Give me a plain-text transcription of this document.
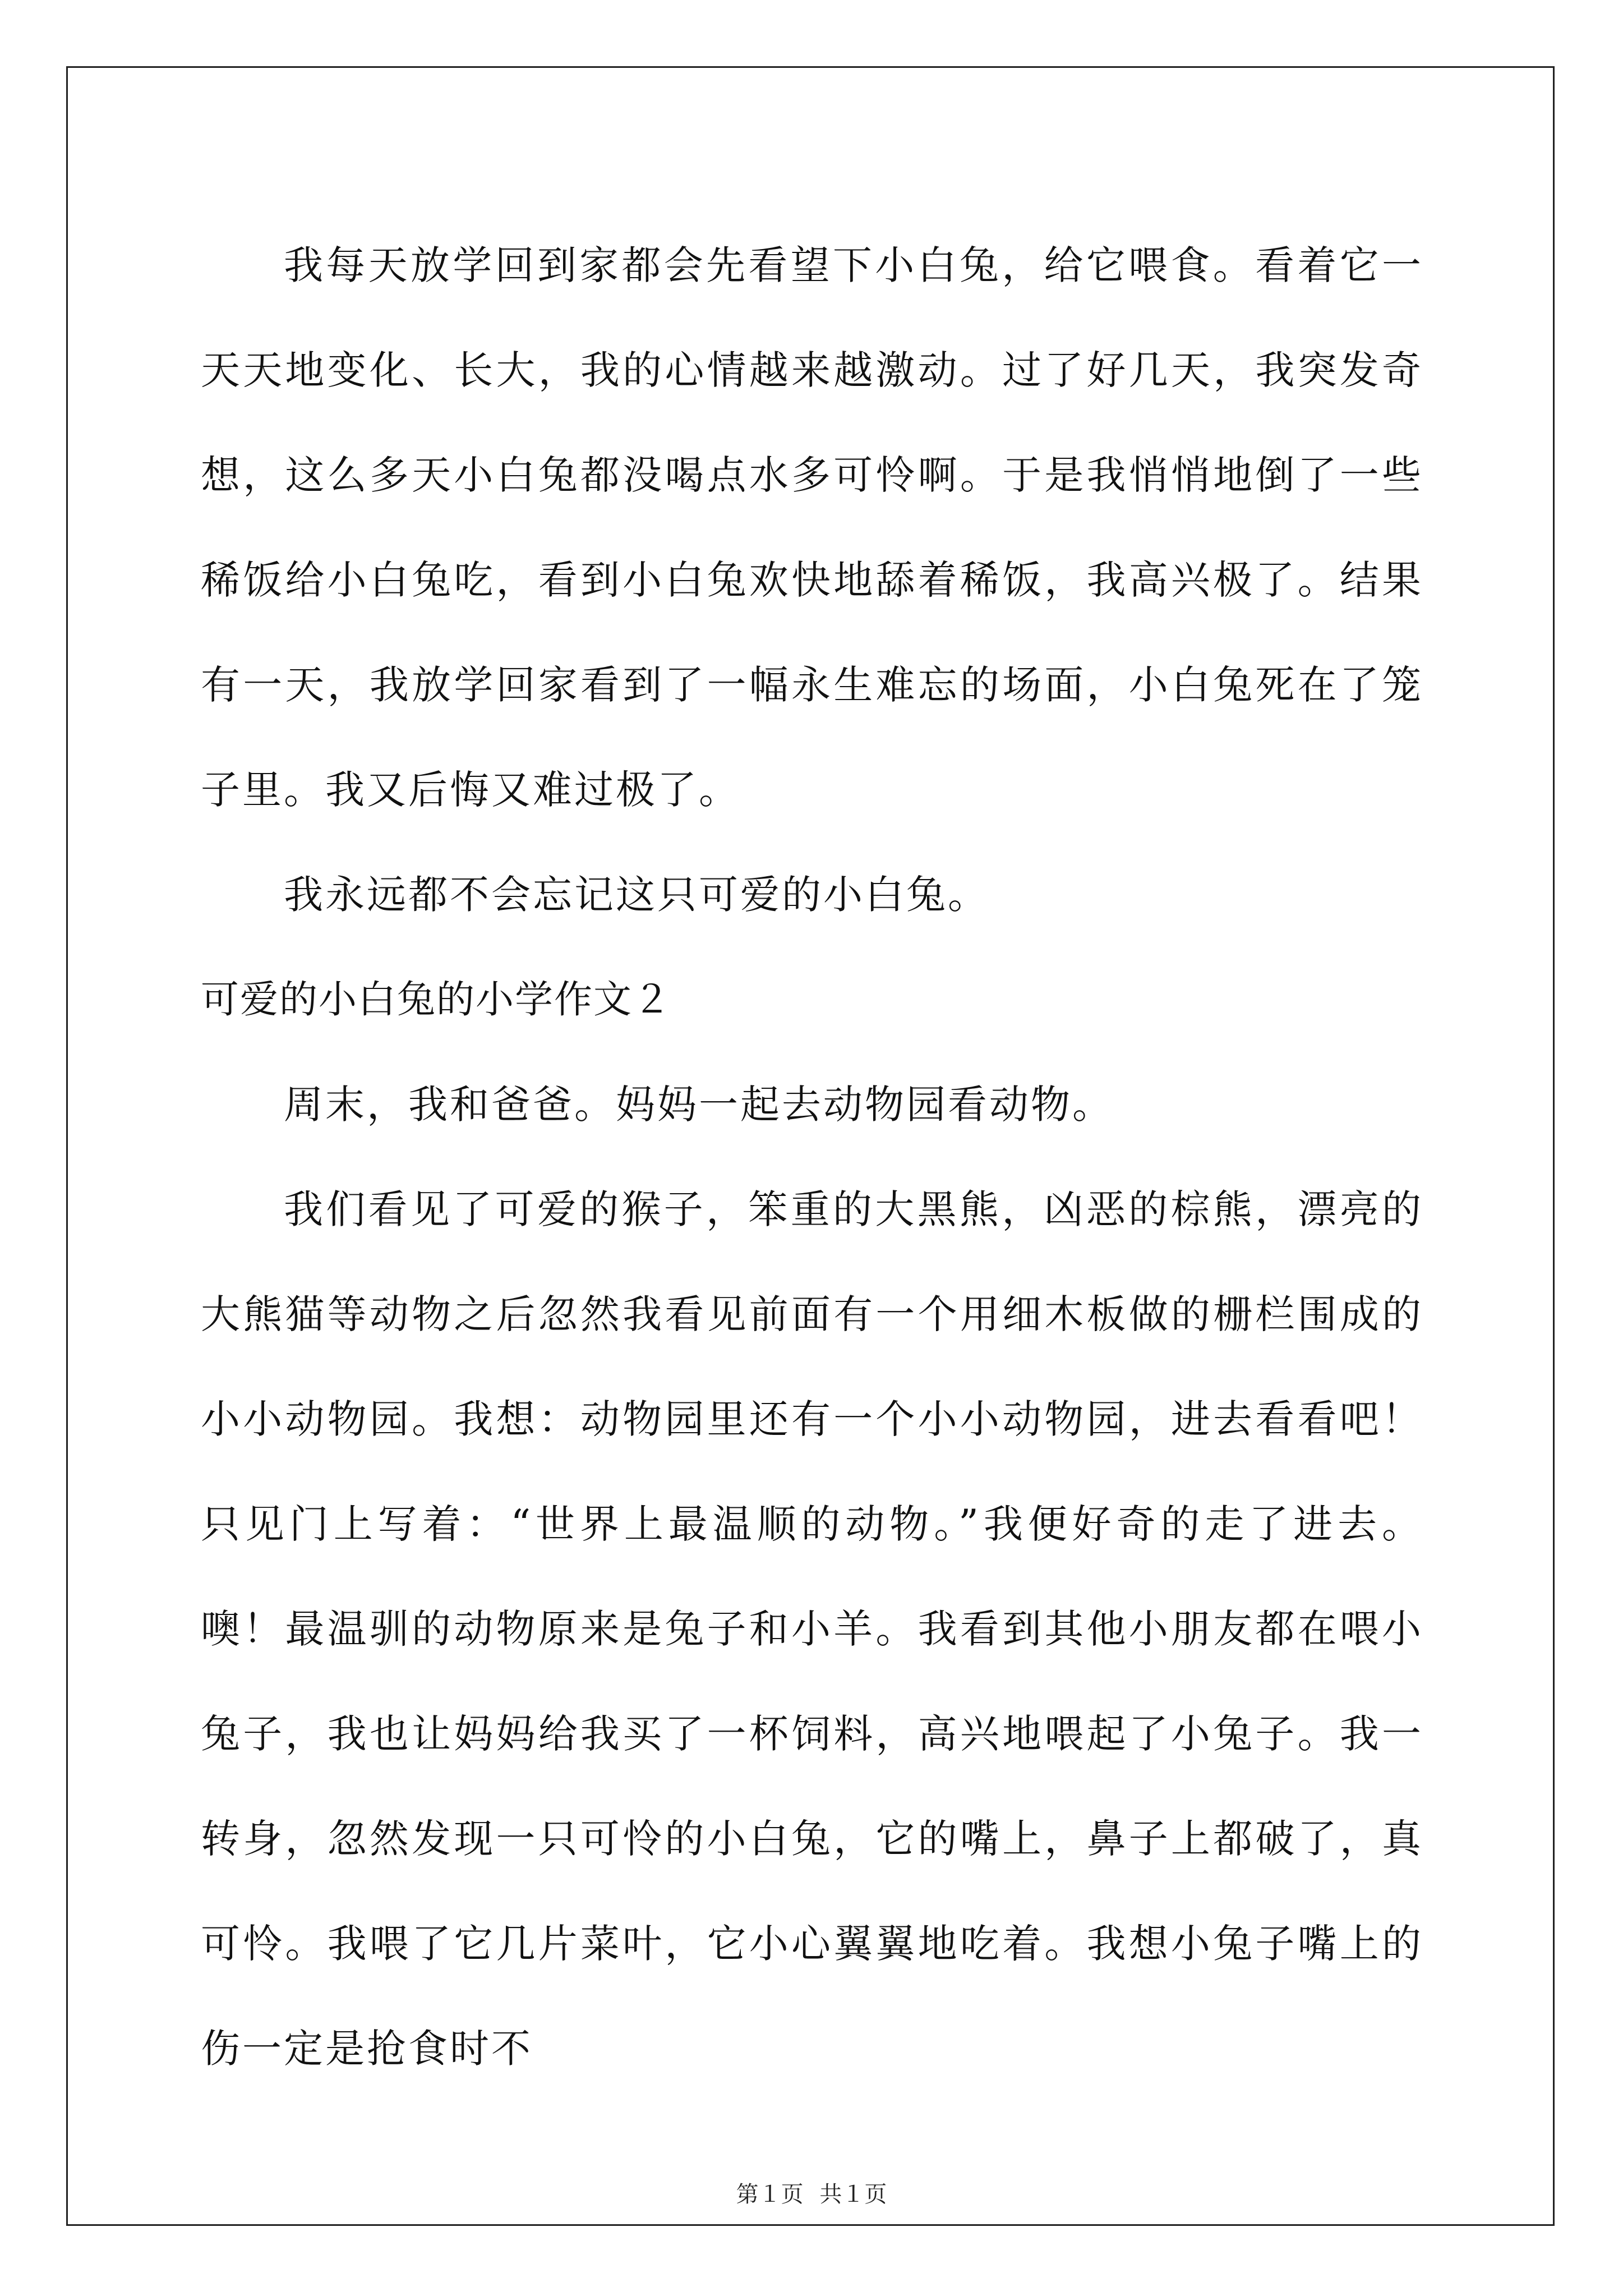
我每天放学回到家都会先看望下小白兔，给它喂食。看着它一天天地变化、长大，我的心情越来越激动。过了好几天，我突发奇想，这么多天小白兔都没喝点水多可怜啊。于是我悄悄地倒了一些稀饭给小白兔吃，看到小白兔欢快地舔着稀饭，我高兴极了。结果有一天，我放学回家看到了一幅永生难忘的场面，小白兔死在了笼子里。我又后悔又难过极了。

我永远都不会忘记这只可爱的小白兔。

可爱的小白兔的小学作文２

周末，我和爸爸。妈妈一起去动物园看动物。

我们看见了可爱的猴子，笨重的大黑熊，凶恶的棕熊，漂亮的大熊猫等动物之后忽然我看见前面有一个用细木板做的栅栏围成的小小动物园。我想：动物园里还有一个小小动物园，进去看看吧！只见门上写着：“世界上最温顺的动物。”我便好奇的走了进去。噢！最温驯的动物原来是兔子和小羊。我看到其他小朋友都在喂小兔子，我也让妈妈给我买了一杯饲料，高兴地喂起了小兔子。我一转身，忽然发现一只可怜的小白兔，它的嘴上，鼻子上都破了，真可怜。我喂了它几片菜叶，它小心翼翼地吃着。我想小兔子嘴上的伤一定是抢食时不

第１页 共１页
